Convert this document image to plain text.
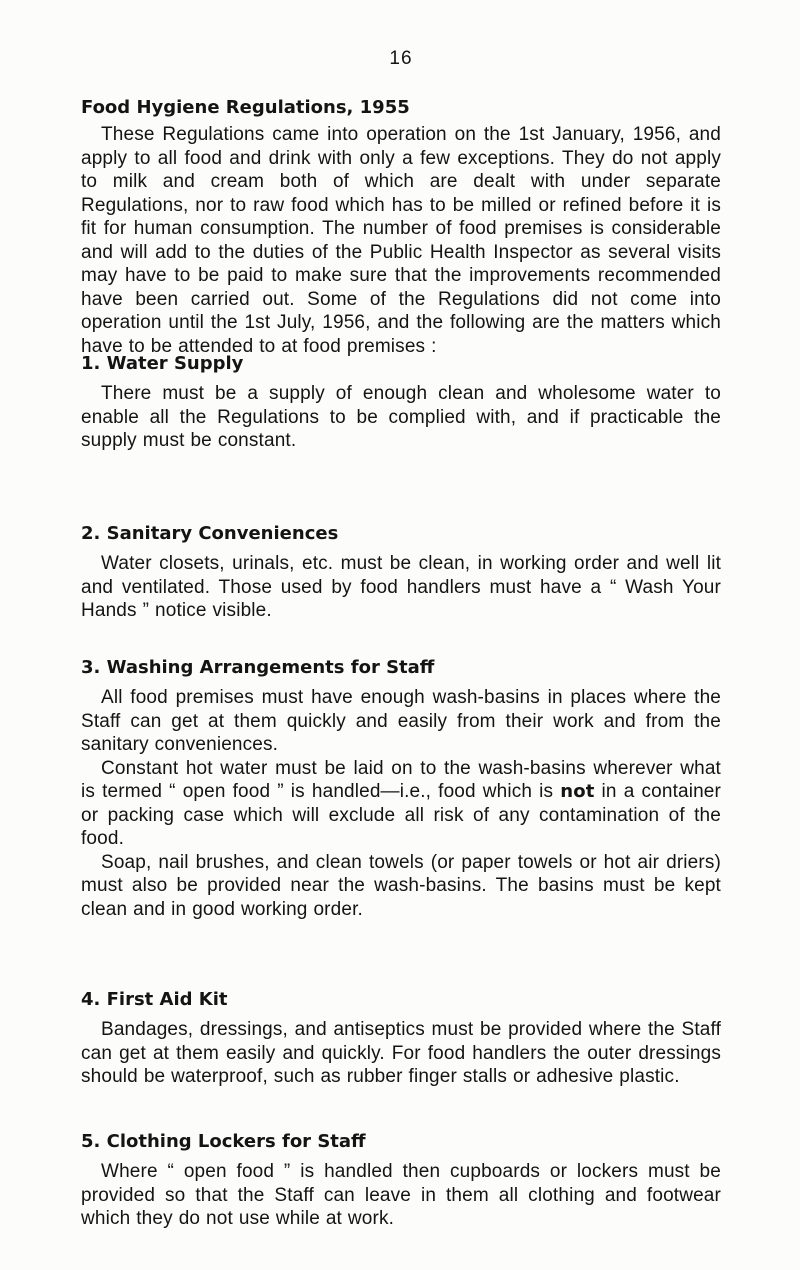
16
Food Hygiene Regulations, 1955

These Regulations came into operation on the 1st January, 1956, and apply to all food and drink with only a few exceptions. They do not apply to milk and cream both of which are dealt with under separate Regulations, nor to raw food which has to be milled or refined before it is fit for human consumption. The number of food premises is considerable and will add to the duties of the Public Health Inspector as several visits may have to be paid to make sure that the improvements recommended have been carried out. Some of the Regulations did not come into operation until the 1st July, 1956, and the following are the matters which have to be attended to at food premises :

1. Water Supply

There must be a supply of enough clean and wholesome water to enable all the Regulations to be complied with, and if practicable the supply must be constant.

2. Sanitary Conveniences

Water closets, urinals, etc. must be clean, in working order and well lit and ventilated. Those used by food handlers must have a “ Wash Your Hands ” notice visible.

3. Washing Arrangements for Staff

All food premises must have enough wash-basins in places where the Staff can get at them quickly and easily from their work and from the sanitary conveniences.

Constant hot water must be laid on to the wash-basins wherever what is termed “ open food ” is handled—i.e., food which is not in a container or packing case which will exclude all risk of any contamination of the food.

Soap, nail brushes, and clean towels (or paper towels or hot air driers) must also be provided near the wash-basins. The basins must be kept clean and in good working order.

4. First Aid Kit

Bandages, dressings, and antiseptics must be provided where the Staff can get at them easily and quickly. For food handlers the outer dressings should be waterproof, such as rubber finger stalls or adhesive plastic.

5. Clothing Lockers for Staff

Where “ open food ” is handled then cupboards or lockers must be provided so that the Staff can leave in them all clothing and footwear which they do not use while at work.
